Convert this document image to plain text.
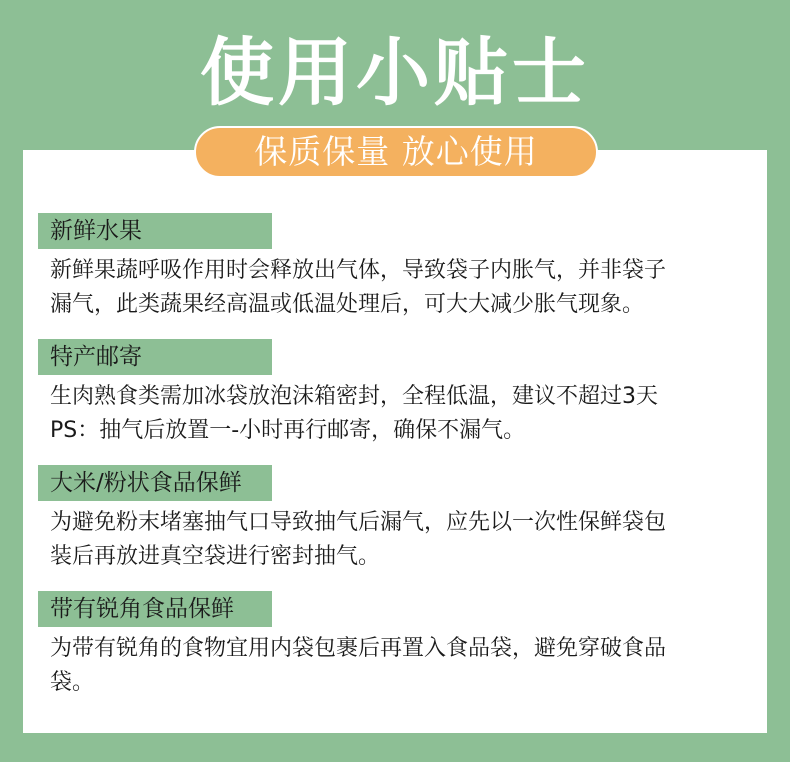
使用小贴士
保质保量 放心使用
新鲜水果
新鲜果蔬呼吸作用时会释放出气体，导致袋子内胀气，并非袋子
漏气，此类蔬果经高温或低温处理后，可大大减少胀气现象。
特产邮寄
生肉熟食类需加冰袋放泡沫箱密封，全程低温，建议不超过3天
PS：抽气后放置一-小时再行邮寄，确保不漏气。
大米/粉状食品保鲜
为避免粉末堵塞抽气口导致抽气后漏气，应先以一次性保鲜袋包
装后再放进真空袋进行密封抽气。
带有锐角食品保鲜
为带有锐角的食物宜用内袋包裹后再置入食品袋，避免穿破食品
袋。
